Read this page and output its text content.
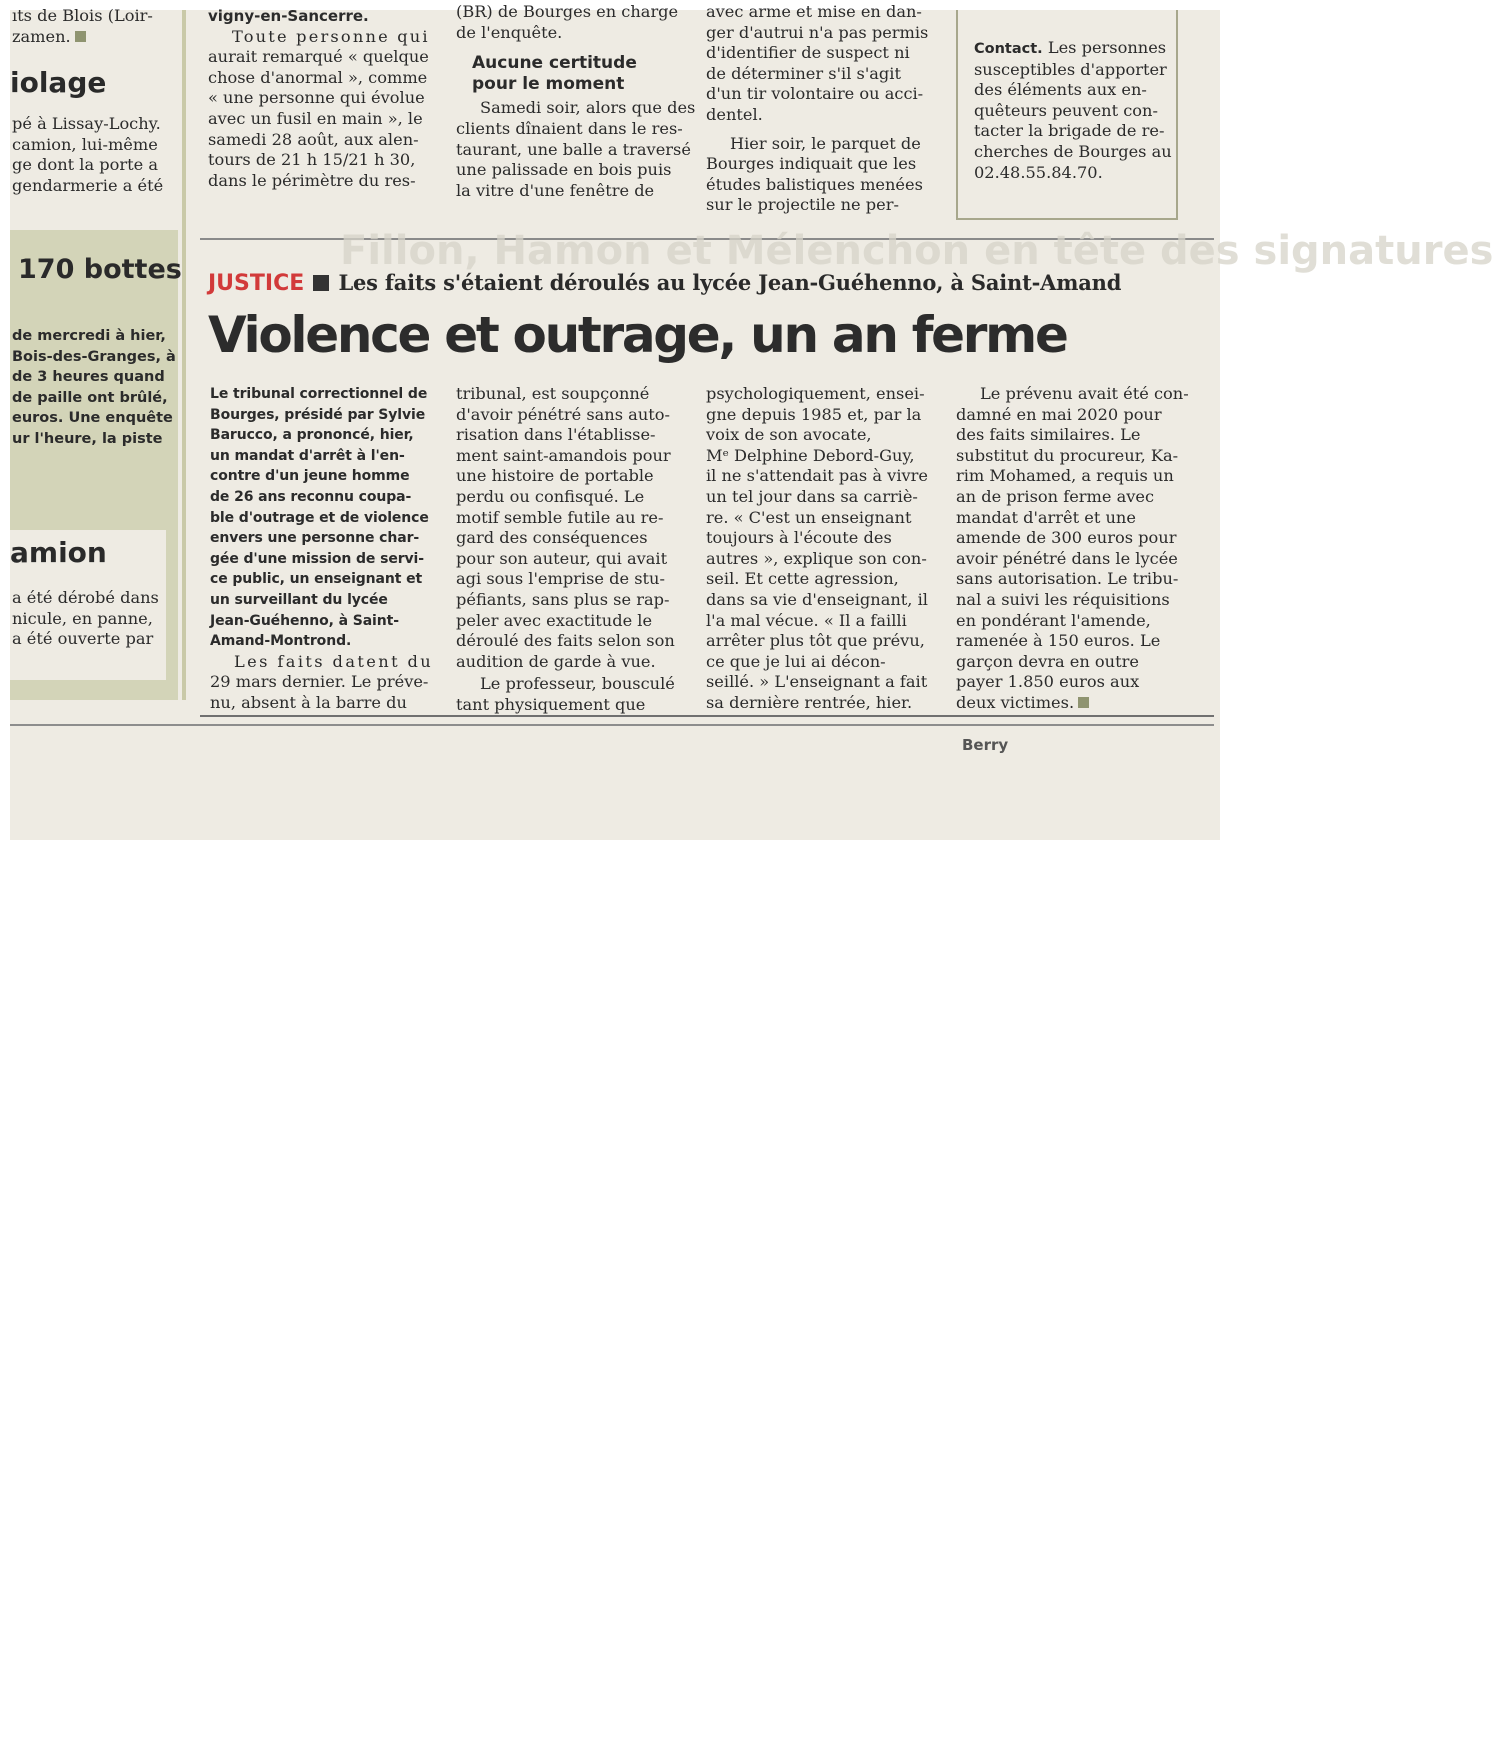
ıts de Blois (Loir-

zamen.

iolage

pé à Lissay-Lochy.

camion, lui-même

ge dont la porte a

gendarmerie a été

170 bottes

de mercredi à hier,

Bois-des-Granges, à

de 3 heures quand

de paille ont brûlé,

euros. Une enquête

ur l'heure, la piste

amion

a été dérobé dans

nicule, en panne,

a été ouverte par

vigny-en-Sancerre.

Toute personne qui

aurait remarqué « quelque

chose d'anormal », comme

« une personne qui évolue

avec un fusil en main », le

samedi 28 août, aux alen-

tours de 21 h 15/21 h 30,

dans le périmètre du res-

(BR) de Bourges en charge

de l'enquête.

Aucune certitude

pour le moment

Samedi soir, alors que des

clients dînaient dans le res-

taurant, une balle a traversé

une palissade en bois puis

la vitre d'une fenêtre de

avec arme et mise en dan-

ger d'autrui n'a pas permis

d'identifier de suspect ni

de déterminer s'il s'agit

d'un tir volontaire ou acci-

dentel.

Hier soir, le parquet de

Bourges indiquait que les

études balistiques menées

sur le projectile ne per-

Contact. Les personnes

susceptibles d'apporter

des éléments aux en-

quêteurs peuvent con-

tacter la brigade de re-

cherches de Bourges au

02.48.55.84.70.

Fillon, Hamon et Mélenchon en tête des signatures
JUSTICE Les faits s'étaient déroulés au lycée Jean-Guéhenno, à Saint-Amand
Violence et outrage, un an ferme

Le tribunal correctionnel de

Bourges, présidé par Sylvie

Barucco, a prononcé, hier,

un mandat d'arrêt à l'en-

contre d'un jeune homme

de 26 ans reconnu coupa-

ble d'outrage et de violence

envers une personne char-

gée d'une mission de servi-

ce public, un enseignant et

un surveillant du lycée

Jean-Guéhenno, à Saint-

Amand-Montrond.

Les faits datent du

29 mars dernier. Le préve-

nu, absent à la barre du

tribunal, est soupçonné

d'avoir pénétré sans auto-

risation dans l'établisse-

ment saint-amandois pour

une histoire de portable

perdu ou confisqué. Le

motif semble futile au re-

gard des conséquences

pour son auteur, qui avait

agi sous l'emprise de stu-

péfiants, sans plus se rap-

peler avec exactitude le

déroulé des faits selon son

audition de garde à vue.

Le professeur, bousculé

tant physiquement que

psychologiquement, ensei-

gne depuis 1985 et, par la

voix de son avocate,

Mᵉ Delphine Debord-Guy,

il ne s'attendait pas à vivre

un tel jour dans sa carriè-

re. « C'est un enseignant

toujours à l'écoute des

autres », explique son con-

seil. Et cette agression,

dans sa vie d'enseignant, il

l'a mal vécue. « Il a failli

arrêter plus tôt que prévu,

ce que je lui ai décon-

seillé. » L'enseignant a fait

sa dernière rentrée, hier.

Le prévenu avait été con-

damné en mai 2020 pour

des faits similaires. Le

substitut du procureur, Ka-

rim Mohamed, a requis un

an de prison ferme avec

mandat d'arrêt et une

amende de 300 euros pour

avoir pénétré dans le lycée

sans autorisation. Le tribu-

nal a suivi les réquisitions

en pondérant l'amende,

ramenée à 150 euros. Le

garçon devra en outre

payer 1.850 euros aux

deux victimes.

Berry
